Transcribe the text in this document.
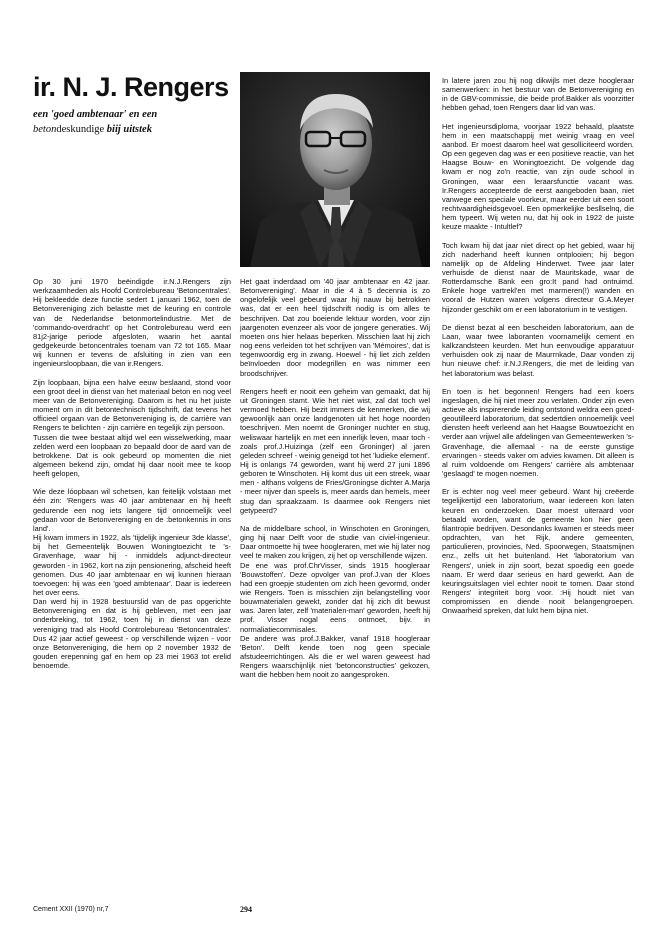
ir. N. J. Rengers
een 'goed ambtenaar' en een
betondeskundige biĳ uitstek

Op 30 juni 1970 beëindigde ir.N.J.Rengers zijn werkzaamheden als Hoofd Controlebureau 'Betoncentrales'. Hij bekleedde deze functie sedert 1 januari 1962, toen de Betonvereniging zich belastte met de keuring en controle van de Nederlandse betonmortelindustrie. Met de 'commando-overdracht' op het Controlebureau werd een 81j2-jarige periode afgesloten, waarin het aantal gedgekeurde betoncentrales toenam van 72 tot 165. Maar wij kunnen er tevens de afsluiting in zien van een ingenieursloopbaan, die van ir.Rengers.

Zijn loopbaan, bijna een halve eeuw beslaand, stond voor een groot deel in dienst van het materiaal beton en nog veel meer van de Betonvereniging. Daarom is het nu het juiste moment om in dit betontechnisch tijdschrift, dat tevens het officieel orgaan van de Betonvereniging is, de carrière van Rengers te belichten - zijn carrière en tegelijk zijn persoon.
Tussen die twee bestaat altijd wel een wisselwerking, maar zelden werd een loopbaan zo bepaald door de aard van de betrokkene. Dat is ook gebeurd op momenten die niet algemeen bekend zijn, omdat hij daar nooit mee te koop heeft gelopen,

Wie deze lóopbaan wil schetsen, kan feitelijk volstaan met één zin: 'Rengers was 40 jaar ambtenaar en hij heeft gedurende een nog iets langere tijd onnoemelijk veel gedaan voor de Betonvereniging en de :betonkennis in ons land'.
Hij kwam immers in 1922, als 'tijdelijk ingenieur 3de klasse', bij het Gemeentelijk Bouwen Woningtoezicht te 's-Gravenhage, waar hij - inmiddels adjunct-directeur geworden - in 1962, kort na zijn pensionering, afscheid heeft genomen. Dus 40 jaar ambtenaar en wij kunnen hieraan toevoegen: hij was een 'goed ambtenaar'. Daar is iedereen het over eens.
Dan werd hij in 1928 bestuurslid van de pas opgerichte Betonvereniging en dat is hij gebleven, met een jaar onderbreking, tot 1962, toen hij in dienst van deze vereniging trad als Hoofd Controlebureau 'Betoncentrales'. Dus 42 jaar actief geweest - op verschillende wijzen - voor onze Betonvereniging, die hem op 2 november 1932 de gouden erepenning gaf en hem op 23 mei 1963 tot erelid benoemde.

Het gaat inderdaad om '40 jaar ambtenaar en 42 jaar. Betonvereniging'. Maar in die 4 à 5 decennia is zo ongelofelijk veel gebeurd waar hij nauw bij betrokken was, dat er een heel tijdschrift nodig is om alles te beschrijven. Dat zou boeiende lektuur worden, voor zijn jaargenoten evenzeer als voor de jongere generaties. Wij moeten ons hier helaas beperken. Misschien laat hij zich nog eens verleiden tot het schrijven van 'Mémoires', dat is tegenwoordig erg in zwang. Hoewel - hij liet zich zelden beïnvloeden door modegrillen en was nimmer een broodschrijver.

Rengers heeft er nooit een geheim van gemaakt, dat hij uit Groningen stamt. Wie het niet wist, zal dat toch wel vermoed hebben. Hij bezit immers de kenmerken, die wij gewoonlijk aan onze landgenoten uit het hoge noorden toeschrijven. Men noemt de Groninger nuchter en stug, weliswaar hartelijk en met een innerlijk leven, maar toch - zoals prof.J.Huizinga (zelf een Groninger) al jaren geleden schreef - weinig geneigd tot het 'ludieke element'.
Hij is onlangs 74 geworden, want hij werd 27 juni 1896 geboren te Winschoten. Hij komt dus uit een streek, waar men - althans volgens de Fries/Groningse dichter A.Marja - meer nijver dan speels is, meer aards dan hemels, meer stug dan spraakzaam. Is daarmee ook Rengers niet getypeerd?

Na de middelbare school, in Winschoten en Groningen, ging hij naar Delft voor de studie van civiel-ingenieur. Daar ontmoette hij twee hoogleraren, met wie hij later nog veel te maken zou krijgen, zij het op verschillende wijzen.
De ene was prof.ChrVisser, sinds 1915 hoogleraar 'Bouwstoffen'. Deze opvolger van prof.J.van der Kloes had een groepje studenten om zich heen gevormd, onder wie Rengers. Toen is misschien zijn belangstelling voor bouwmaterialen gewekt, zonder dat hij zich dit bewust was. Jaren later, zelf 'materialen-man' geworden, heeft hij prof. Visser nogal eens ontmoet, bijv. in normaliatiecommisales.
De andere was prof.J.Bakker, vanaf 1918 hoogleraar 'Beton'. Delft kende toen nog geen speciale afstudeerrichtingen. Als die er wel waren geweest had Rengers waarschijnlijk niet 'betonconstructies' gekozen, want die hebben hem nooit zo aangesproken.

In latere jaren zou hij nog dikwijls met deze hoogleraar samenwerken: in het bestuur van de Betonvereniging en in de GBV-commissie, die beide prof.Bakker als voorzitter hebben gehad, toen Rengers daar lid van was.

Het ingenieursdiploma, voorjaar 1922 behaald, plaatste hem in een maatschappij met weinig vraag en veel aanbod. Er moest daarom heel wat gesolliciteerd worden. Op een gegeven dag was er een positieve reactie, van het Haagse Bouw- en Woningtoezicht. De volgende dag kwam er nog zo'n reactie, van zijn oude school in Groningen, waar een leraarsfunctie vacant was. Ir.Rengers accepteerde de eerst aangeboden baan, niet vanwege een speciale voorkeur, maar eerder uit een soort rechtvaardigheidsgevoel. Een opmerkelijke besllselnq, die hem typeert. Wij weten nu, dat hij ook in 1922 de juiste keuze maakte - Intultlef?

Toch kwam hij dat jaar niet direct op het gebied, waar hij zich naderhand heeft kunnen ontplooien; hij begon namelijk op de Afdeling Hinderwet. Twee jaar later verhuisde de dienst naar de Mauritskade, waar de Rotterdamsche Bank een gro:It pand had ontruimd. Enkele hoge vartrekl'en met marmeren(!) wanden en vooral de Hutzen waren volgens directeur G.A.Meyer hijzonder geschikt om er een laboratorium in te vestigen.

De dienst bezat al een bescheiden laboratorium, aan de Laan, waar twee laboranten voornamelijk cement en kalkzandsteen keurden. Met hun eenvoudige apparatuur verhuisden ook zij naar de Maurrnkade, Daar vonden zij hun nieuwe chef: ir.N.J.Rengers, die met de leiding van het laboratorium was belast.

En toen is het begonnen! Rengers had een koers ingeslagen, die hij niet meer zou verlaten. Onder zijn even actieve als inspirerende leiding ontstond weldra een gced-geoutilleerd laboratorium, dat sedertdien onnoemelijk veel diensten heeft verleend aan het Haagse Bouwtoezicht en verder aan vrijwel alle afdelingen van Gemeentewerken 's-Gravenhage, die allemaal - na de eerste gunstige ervaringen - steeds vaker om advies kwamen. Dit alleen is al ruim voldoende om Rengers' carrière als ambtenaar 'geslaagd' te mogen noemen.

Er is echter nog veel meer gebeurd. Want hij creëerde tegelijkertijd een laboratorium, waar iedereen kon laten keuren en onderzoeken. Daar moest uiteraard voor betaald worden, want de gemeente kon hier geen filantropie bedrijven. Desondanks kwamen er steeds meer opdrachten, van het Rijk, andere gemeenten, particulieren, provincies, Ned. Spoorwegen, Staatsmijnen enz., zelfs uit het buitenland. Het 'laboratorium van Rengers', uniek in zijn soort, bezat spoedig een goede naam. Er werd daar serieus en hard gewerkt. Aan de keuringsuitslagen viel echter nooit te tornen. Daar stond Rengers' integriteit borg voor. :Hij houdt niet van compromissen en diende nooit belangengroepen. Onwaarheid spreken, dat lukt hem bijna niet.

Cement XXII (1970) nr,7	294
